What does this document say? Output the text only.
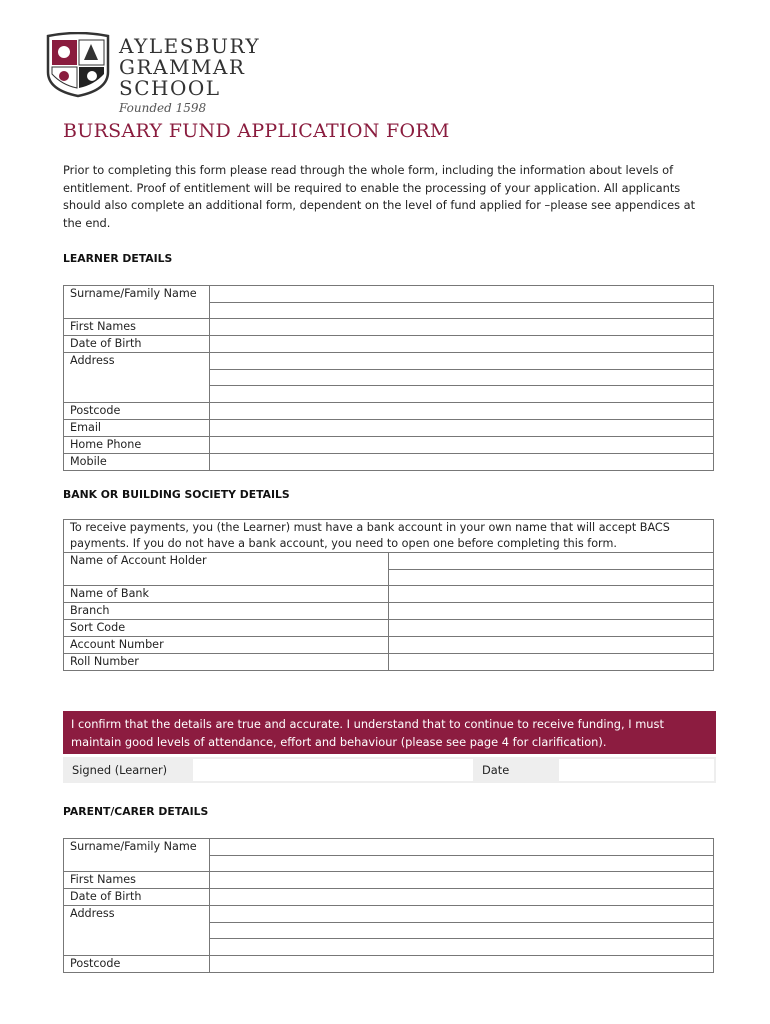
AYLESBURY
GRAMMAR SCHOOL
Founded 1598
BURSARY FUND APPLICATION FORM
Prior to completing this form please read through the whole form, including the information about levels of entitlement. Proof of entitlement will be required to enable the processing of your application. All applicants should also complete an additional form, dependent on the level of fund applied for –please see appendices at the end.
LEARNER DETAILS
Surname/Family Name	

First Names	
Date of Birth	
Address	

Postcode	
Email	
Home Phone	
Mobile	
BANK OR BUILDING SOCIETY DETAILS
To receive payments, you (the Learner) must have a bank account in your own name that will accept BACS payments. If you do not have a bank account, you need to open one before completing this form.	
Name of Account Holder	

Name of Bank	
Branch	
Sort Code	
Account Number	
Roll Number	
I confirm that the details are true and accurate. I understand that to continue to receive funding, I must maintain good levels of attendance, effort and behaviour (please see page 4 for clarification).
Signed (Learner)	Date
PARENT/CARER DETAILS
Surname/Family Name	

First Names	
Date of Birth	
Address	

Postcode	
